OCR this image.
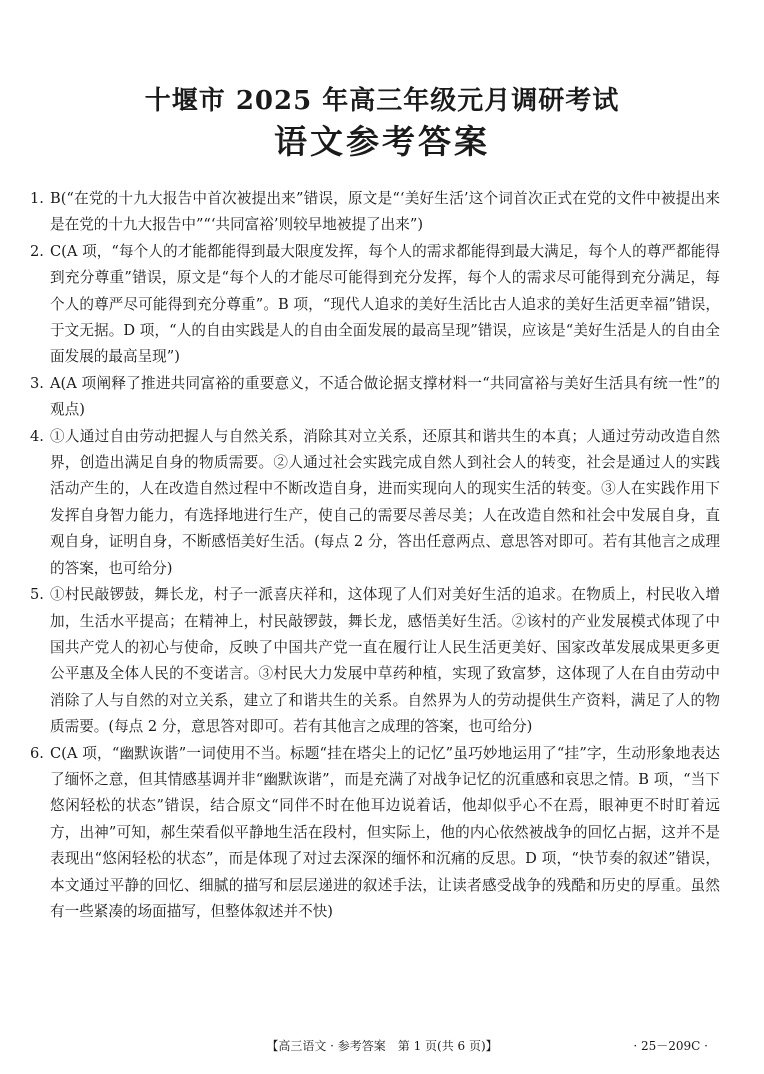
十堰市 2025 年高三年级元月调研考试
语文参考答案
1. B(“在党的十九大报告中首次被提出来”错误，原文是“‘美好生活’这个词首次正式在党的文件中被提出来是在党的十九大报告中”“‘共同富裕’则较早地被提了出来”)
2. C(A 项，“每个人的才能都能得到最大限度发挥，每个人的需求都能得到最大满足，每个人的尊严都能得到充分尊重”错误，原文是“每个人的才能尽可能得到充分发挥，每个人的需求尽可能得到充分满足，每个人的尊严尽可能得到充分尊重”。B 项，“现代人追求的美好生活比古人追求的美好生活更幸福”错误，于文无据。D 项，“人的自由实践是人的自由全面发展的最高呈现”错误，应该是“美好生活是人的自由全面发展的最高呈现”)
3. A(A 项阐释了推进共同富裕的重要意义，不适合做论据支撑材料一“共同富裕与美好生活具有统一性”的观点)
4. ①人通过自由劳动把握人与自然关系，消除其对立关系，还原其和谐共生的本真；人通过劳动改造自然界，创造出满足自身的物质需要。②人通过社会实践完成自然人到社会人的转变，社会是通过人的实践活动产生的，人在改造自然过程中不断改造自身，进而实现向人的现实生活的转变。③人在实践作用下发挥自身智力能力，有选择地进行生产，使自己的需要尽善尽美；人在改造自然和社会中发展自身，直观自身，证明自身，不断感悟美好生活。(每点 2 分，答出任意两点、意思答对即可。若有其他言之成理的答案，也可给分)
5. ①村民敲锣鼓，舞长龙，村子一派喜庆祥和，这体现了人们对美好生活的追求。在物质上，村民收入增加，生活水平提高；在精神上，村民敲锣鼓，舞长龙，感悟美好生活。②该村的产业发展模式体现了中国共产党人的初心与使命，反映了中国共产党一直在履行让人民生活更美好、国家改革发展成果更多更公平惠及全体人民的不变诺言。③村民大力发展中草药种植，实现了致富梦，这体现了人在自由劳动中消除了人与自然的对立关系，建立了和谐共生的关系。自然界为人的劳动提供生产资料，满足了人的物质需要。(每点 2 分，意思答对即可。若有其他言之成理的答案，也可给分)
6. C(A 项，“幽默诙谐”一词使用不当。标题“挂在塔尖上的记忆”虽巧妙地运用了“挂”字，生动形象地表达了缅怀之意，但其情感基调并非“幽默诙谐”，而是充满了对战争记忆的沉重感和哀思之情。B 项，“当下悠闲轻松的状态”错误，结合原文“同伴不时在他耳边说着话，他却似乎心不在焉，眼神更不时盯着远方，出神”可知，郝生荣看似平静地生活在段村，但实际上，他的内心依然被战争的回忆占据，这并不是表现出“悠闲轻松的状态”，而是体现了对过去深深的缅怀和沉痛的反思。D 项，“快节奏的叙述”错误，本文通过平静的回忆、细腻的描写和层层递进的叙述手法，让读者感受战争的残酷和历史的厚重。虽然有一些紧凑的场面描写，但整体叙述并不快)
【高三语文 · 参考答案　第 1 页(共 6 页)】	· 25－209C ·
